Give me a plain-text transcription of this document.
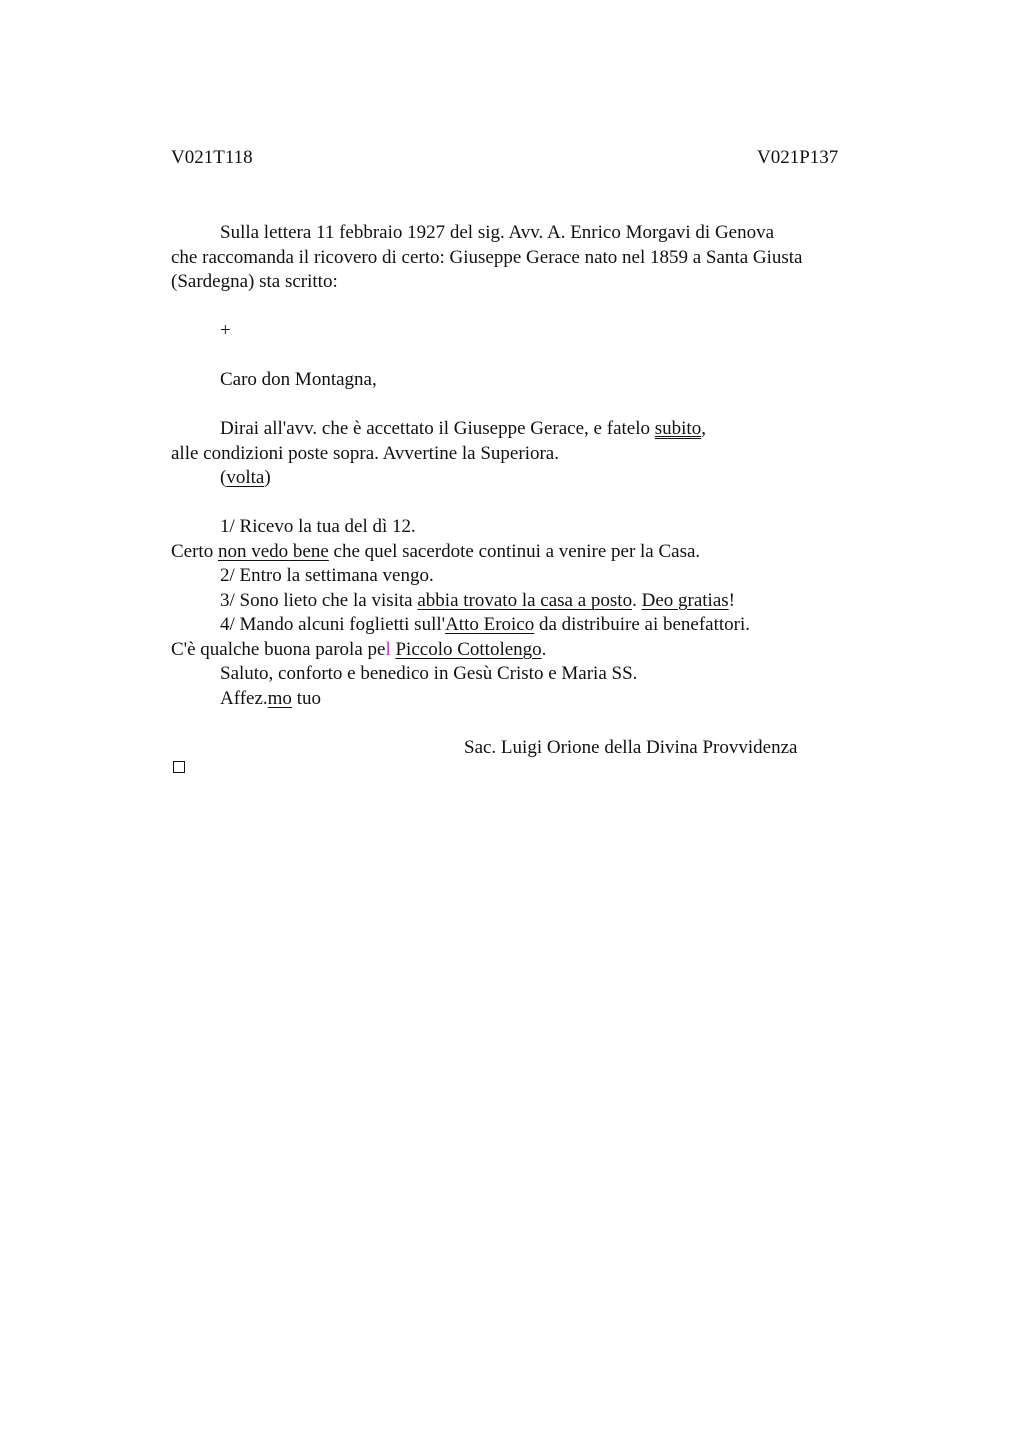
V021T118	V021P137
Sulla lettera 11 febbraio 1927 del sig. Avv. A. Enrico Morgavi di Genova
che raccomanda il ricovero di certo: Giuseppe Gerace nato nel 1859 a Santa Giusta
(Sardegna) sta scritto:
+
Caro don Montagna,
Dirai all'avv. che è accettato il Giuseppe Gerace, e fatelo subito,
alle condizioni poste sopra. Avvertine la Superiora.
(volta)
1/ Ricevo la tua del dì 12.
Certo non vedo bene che quel sacerdote continui a venire per la Casa.
2/ Entro la settimana vengo.
3/ Sono lieto che la visita abbia trovato la casa a posto. Deo gratias!
4/ Mando alcuni foglietti sull'Atto Eroico da distribuire ai benefattori.
C'è qualche buona parola pel Piccolo Cottolengo.
Saluto, conforto e benedico in Gesù Cristo e Maria SS.
Affez.mo tuo
Sac. Luigi Orione della Divina Provvidenza
